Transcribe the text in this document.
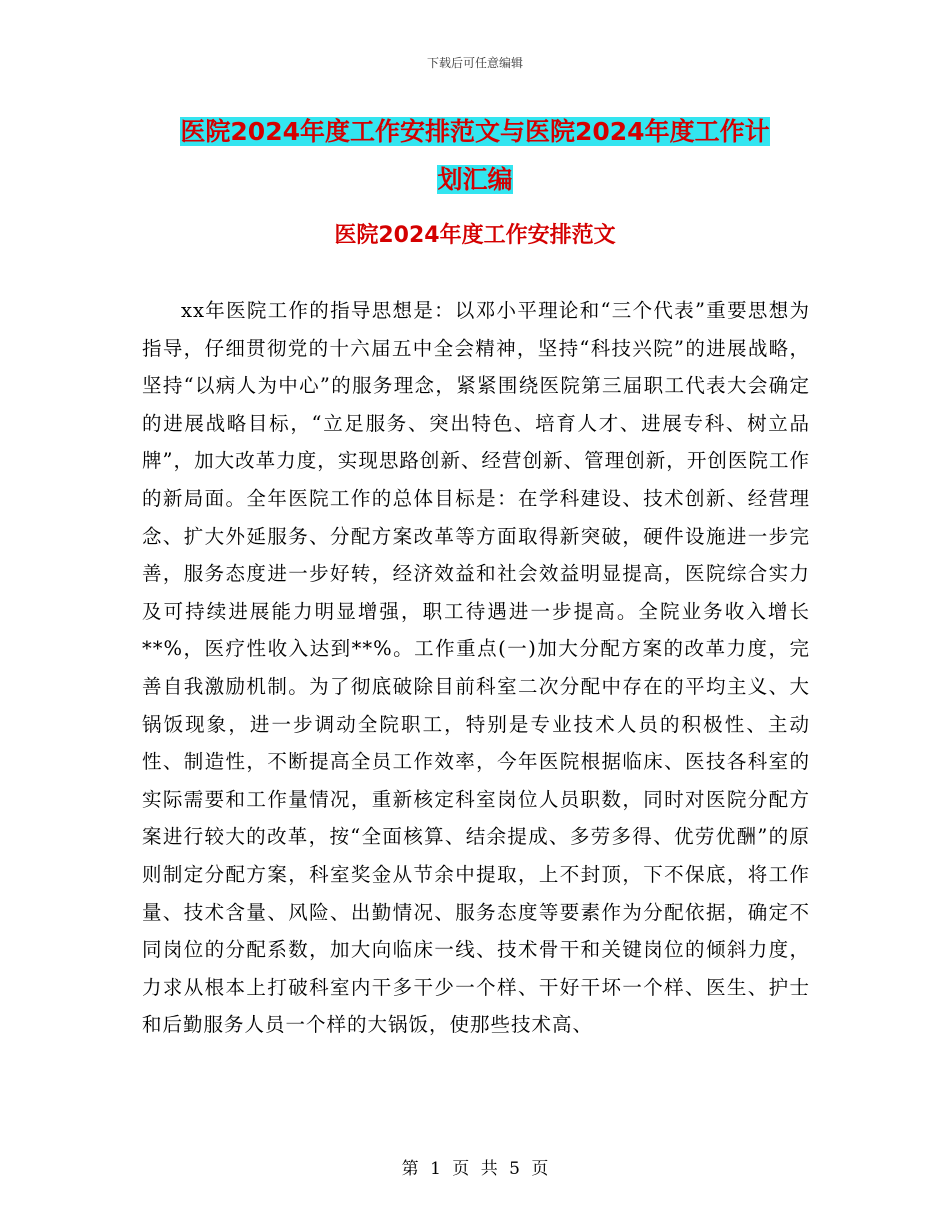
下载后可任意编辑
医院2024年度工作安排范文与医院2024年度工作计
划汇编
医院2024年度工作安排范文
xx年医院工作的指导思想是：以邓小平理论和“三个代表”重要思想为指导，仔细贯彻党的十六届五中全会精神，坚持“科技兴院”的进展战略，坚持“以病人为中心”的服务理念，紧紧围绕医院第三届职工代表大会确定的进展战略目标，“立足服务、突出特色、培育人才、进展专科、树立品牌”，加大改革力度，实现思路创新、经营创新、管理创新，开创医院工作的新局面。全年医院工作的总体目标是：在学科建设、技术创新、经营理念、扩大外延服务、分配方案改革等方面取得新突破，硬件设施进一步完善，服务态度进一步好转，经济效益和社会效益明显提高，医院综合实力及可持续进展能力明显增强，职工待遇进一步提高。全院业务收入增长**%，医疗性收入达到**%。工作重点(一)加大分配方案的改革力度，完善自我激励机制。为了彻底破除目前科室二次分配中存在的平均主义、大锅饭现象，进一步调动全院职工，特别是专业技术人员的积极性、主动性、制造性，不断提高全员工作效率，今年医院根据临床、医技各科室的实际需要和工作量情况，重新核定科室岗位人员职数，同时对医院分配方案进行较大的改革，按“全面核算、结余提成、多劳多得、优劳优酬”的原则制定分配方案，科室奖金从节余中提取，上不封顶，下不保底，将工作量、技术含量、风险、出勤情况、服务态度等要素作为分配依据，确定不同岗位的分配系数，加大向临床一线、技术骨干和关键岗位的倾斜力度，力求从根本上打破科室内干多干少一个样、干好干坏一个样、医生、护士和后勤服务人员一个样的大锅饭，使那些技术高、
第 1 页 共 5 页
